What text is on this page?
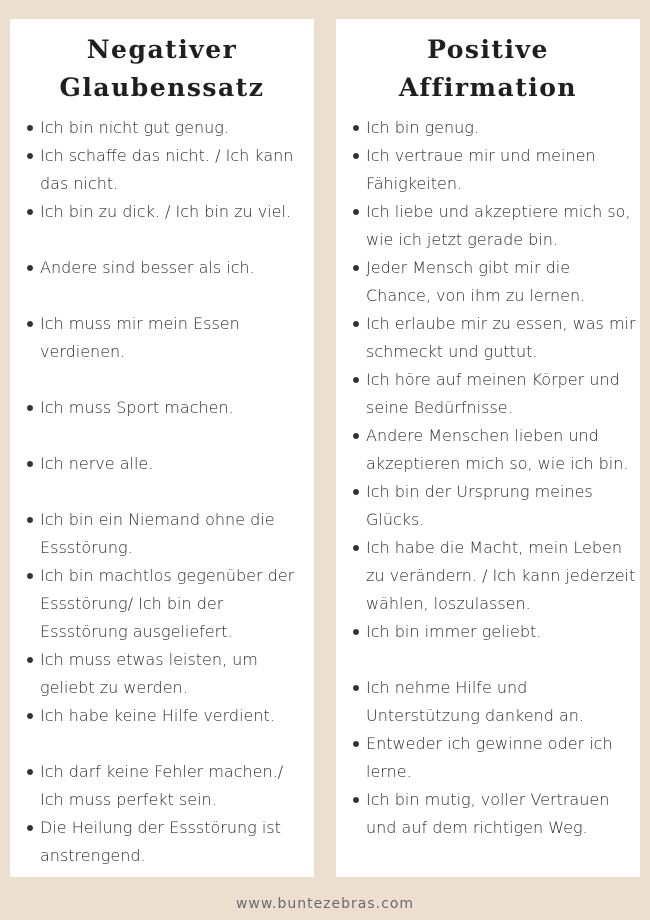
Negativer
Glaubenssatz
Ich bin nicht gut genug.
Ich schaffe das nicht. / Ich kann das nicht.
Ich bin zu dick. / Ich bin zu viel.
Andere sind besser als ich.
Ich muss mir mein Essen verdienen.
Ich muss Sport machen.
Ich nerve alle.
Ich bin ein Niemand ohne die Essstörung.
Ich bin machtlos gegenüber der Essstörung/ Ich bin der Essstörung ausgeliefert.
Ich muss etwas leisten, um geliebt zu werden.
Ich habe keine Hilfe verdient.
Ich darf keine Fehler machen./ Ich muss perfekt sein.
Die Heilung der Essstörung ist anstrengend.
Positive
Affirmation
Ich bin genug.
Ich vertraue mir und meinen Fähigkeiten.
Ich liebe und akzeptiere mich so, wie ich jetzt gerade bin.
Jeder Mensch gibt mir die Chance, von ihm zu lernen.
Ich erlaube mir zu essen, was mir schmeckt und guttut.
Ich höre auf meinen Körper und seine Bedürfnisse.
Andere Menschen lieben und akzeptieren mich so, wie ich bin.
Ich bin der Ursprung meines Glücks.
Ich habe die Macht, mein Leben zu verändern. / Ich kann jederzeit wählen, loszulassen.
Ich bin immer geliebt.
Ich nehme Hilfe und Unterstützung dankend an.
Entweder ich gewinne oder ich lerne.
Ich bin mutig, voller Vertrauen und auf dem richtigen Weg.
www.buntezebras.com
